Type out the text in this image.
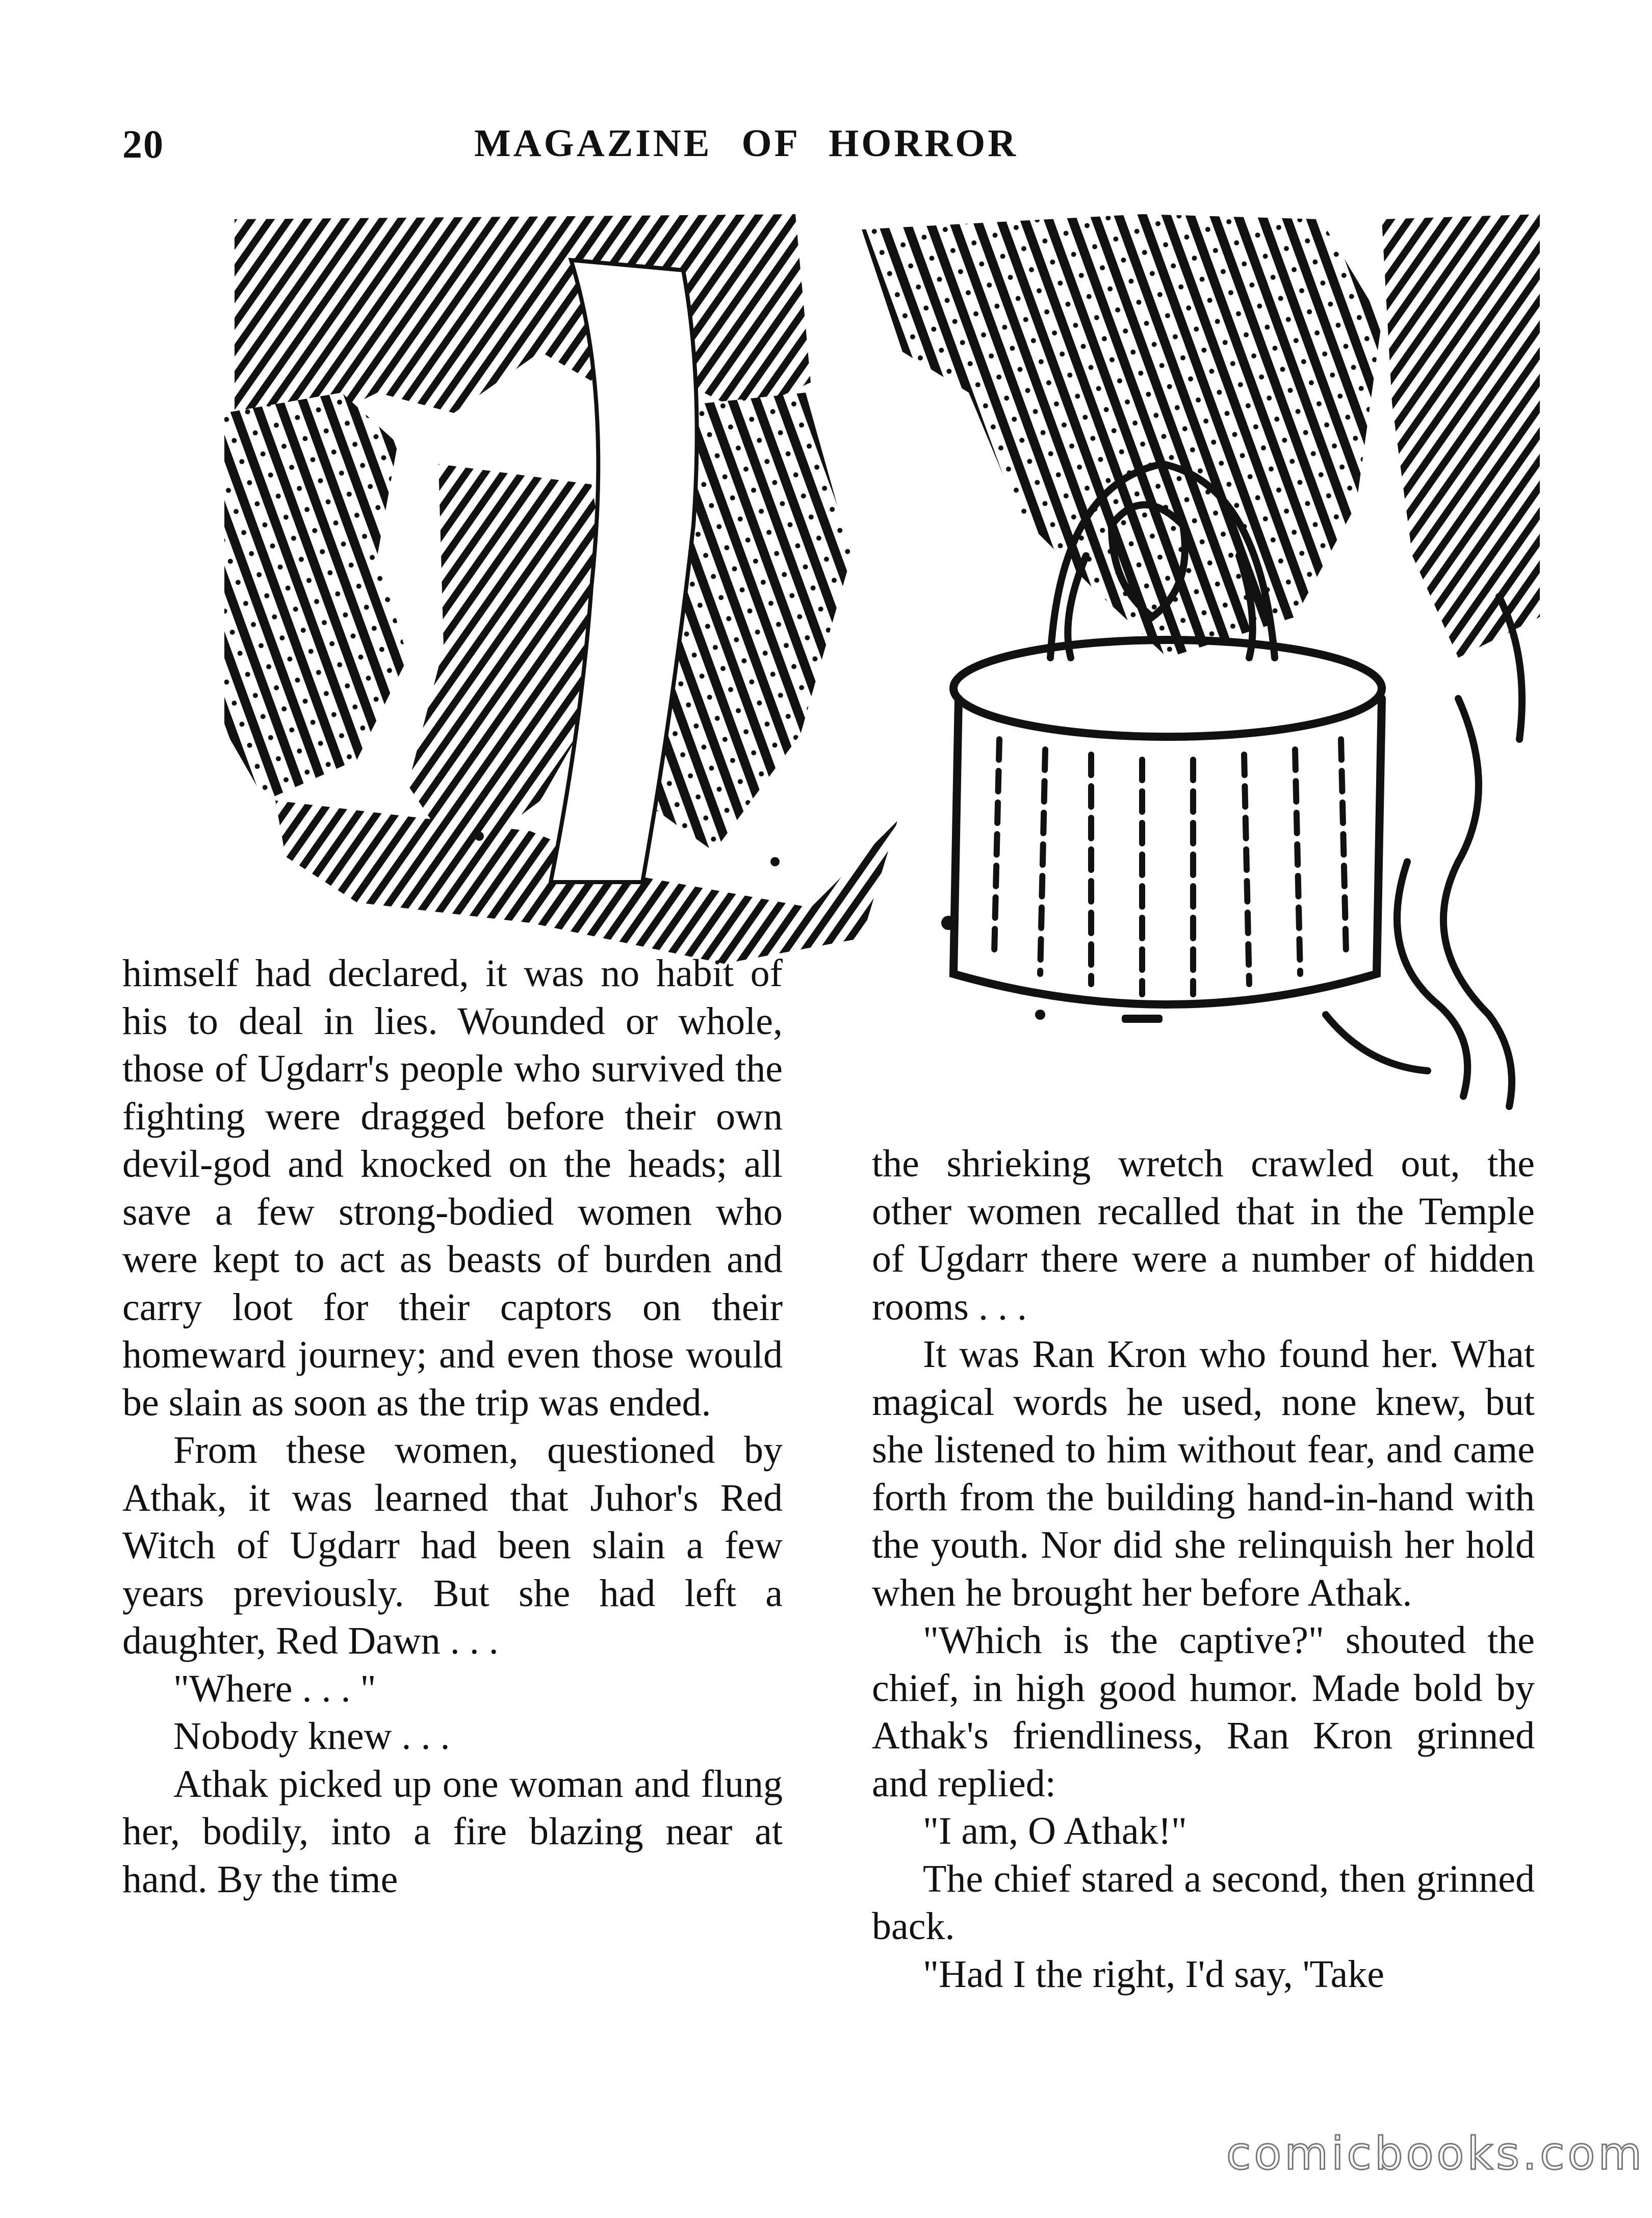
20	MAGAZINE OF HORROR

himself had declared, it was no habit of his to deal in lies. Wounded or whole, those of Ugdarr's people who survived the fighting were dragged before their own devil-god and knocked on the heads; all save a few strong-bodied women who were kept to act as beasts of burden and carry loot for their captors on their homeward journey; and even those would be slain as soon as the trip was ended.

From these women, questioned by Athak, it was learned that Juhor's Red Witch of Ugdarr had been slain a few years previously. But she had left a daughter, Red Dawn . . .

"Where . . . "

Nobody knew . . .

Athak picked up one woman and flung her, bodily, into a fire blazing near at hand. By the time

the shrieking wretch crawled out, the other women recalled that in the Temple of Ugdarr there were a number of hidden rooms . . .

It was Ran Kron who found her. What magical words he used, none knew, but she listened to him without fear, and came forth from the building hand-in-hand with the youth. Nor did she relinquish her hold when he brought her before Athak.

"Which is the captive?" shouted the chief, in high good humor. Made bold by Athak's friendliness, Ran Kron grinned and replied:

"I am, O Athak!"

The chief stared a second, then grinned back.

"Had I the right, I'd say, 'Take

comicbooks.com
